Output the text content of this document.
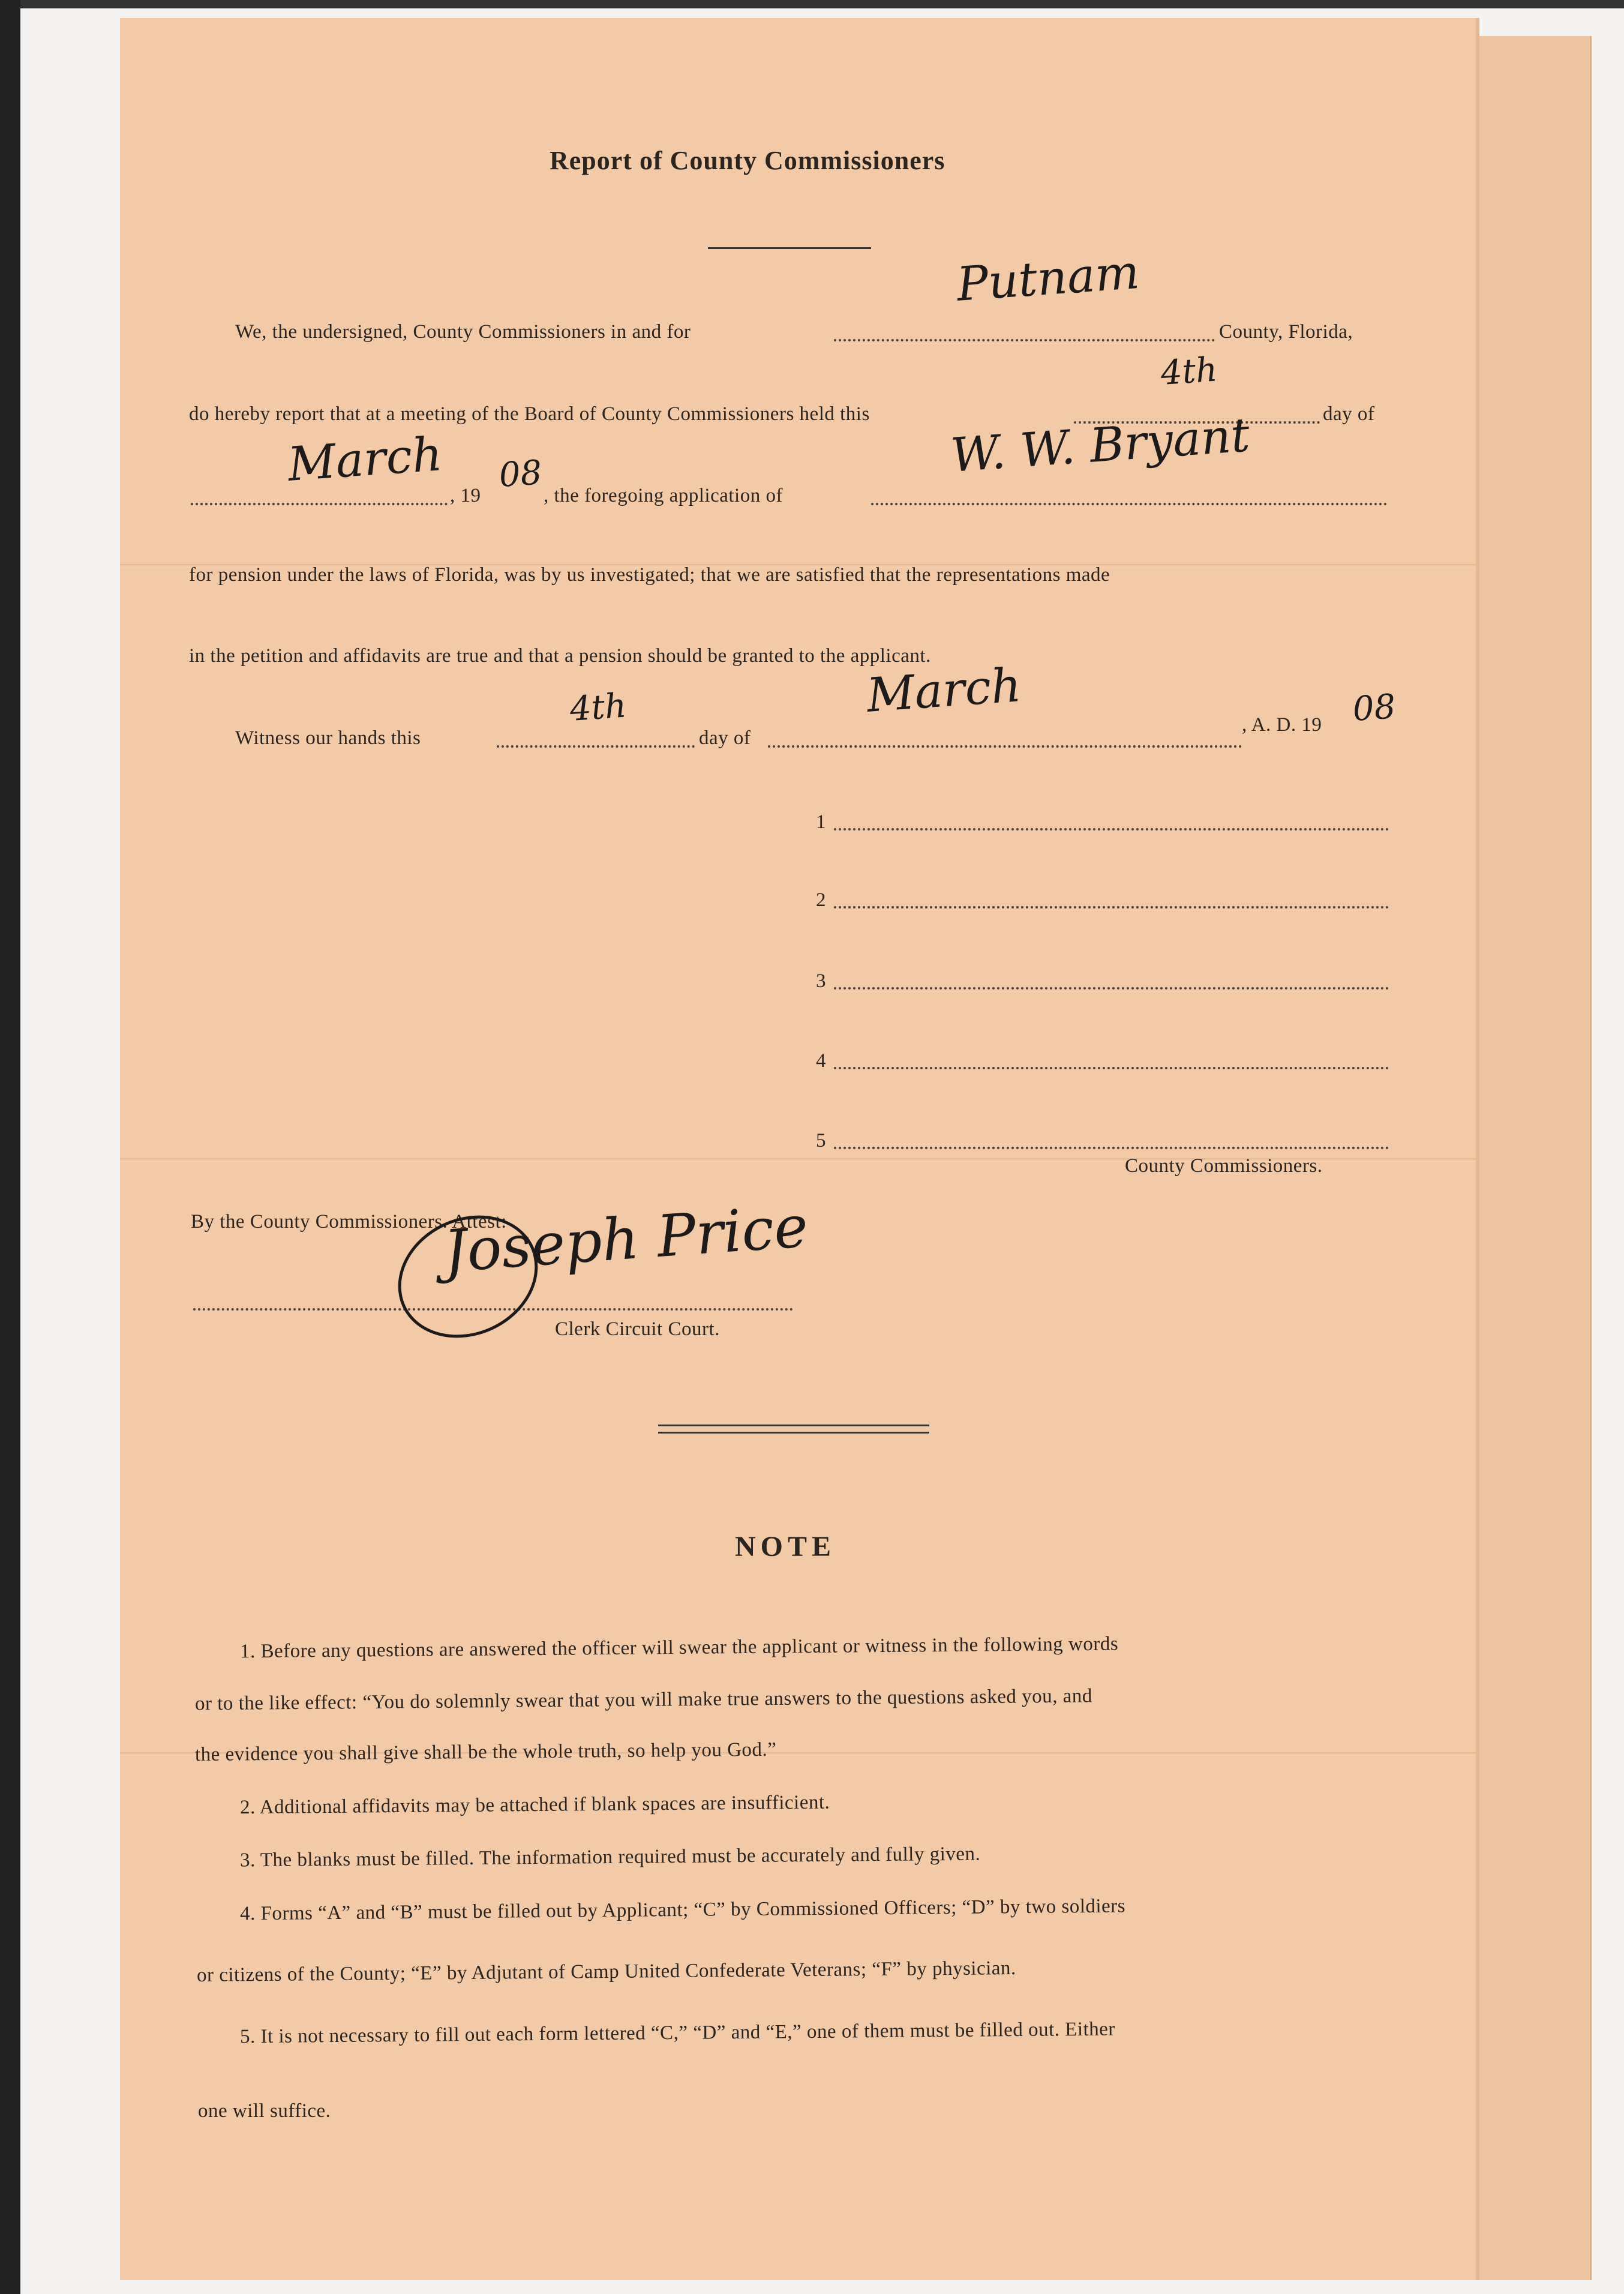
Report of County Commissioners
We, the undersigned, County Commissioners in and for
Putnam
County, Florida,
do hereby report that at a meeting of the Board of County Commissioners held this
4th
day of
March
, 19
08
, the foregoing application of
W. W. Bryant
for pension under the laws of Florida, was by us investigated; that we are satisfied that the representations made
in the petition and affidavits are true and that a pension should be granted to the applicant.
Witness our hands this
4th
day of
March
, A. D. 19 08
1
2
3
4
5
County Commissioners.
By the County Commissioners. Attest:
Joseph Price
Clerk Circuit Court.
NOTE
1. Before any questions are answered the officer will swear the applicant or witness in the following words
or to the like effect: “You do solemnly swear that you will make true answers to the questions asked you, and
the evidence you shall give shall be the whole truth, so help you God.”
2. Additional affidavits may be attached if blank spaces are insufficient.
3. The blanks must be filled. The information required must be accurately and fully given.
4. Forms “A” and “B” must be filled out by Applicant; “C” by Commissioned Officers; “D” by two soldiers
or citizens of the County; “E” by Adjutant of Camp United Confederate Veterans; “F” by physician.
5. It is not necessary to fill out each form lettered “C,” “D” and “E,” one of them must be filled out. Either
one will suffice.
